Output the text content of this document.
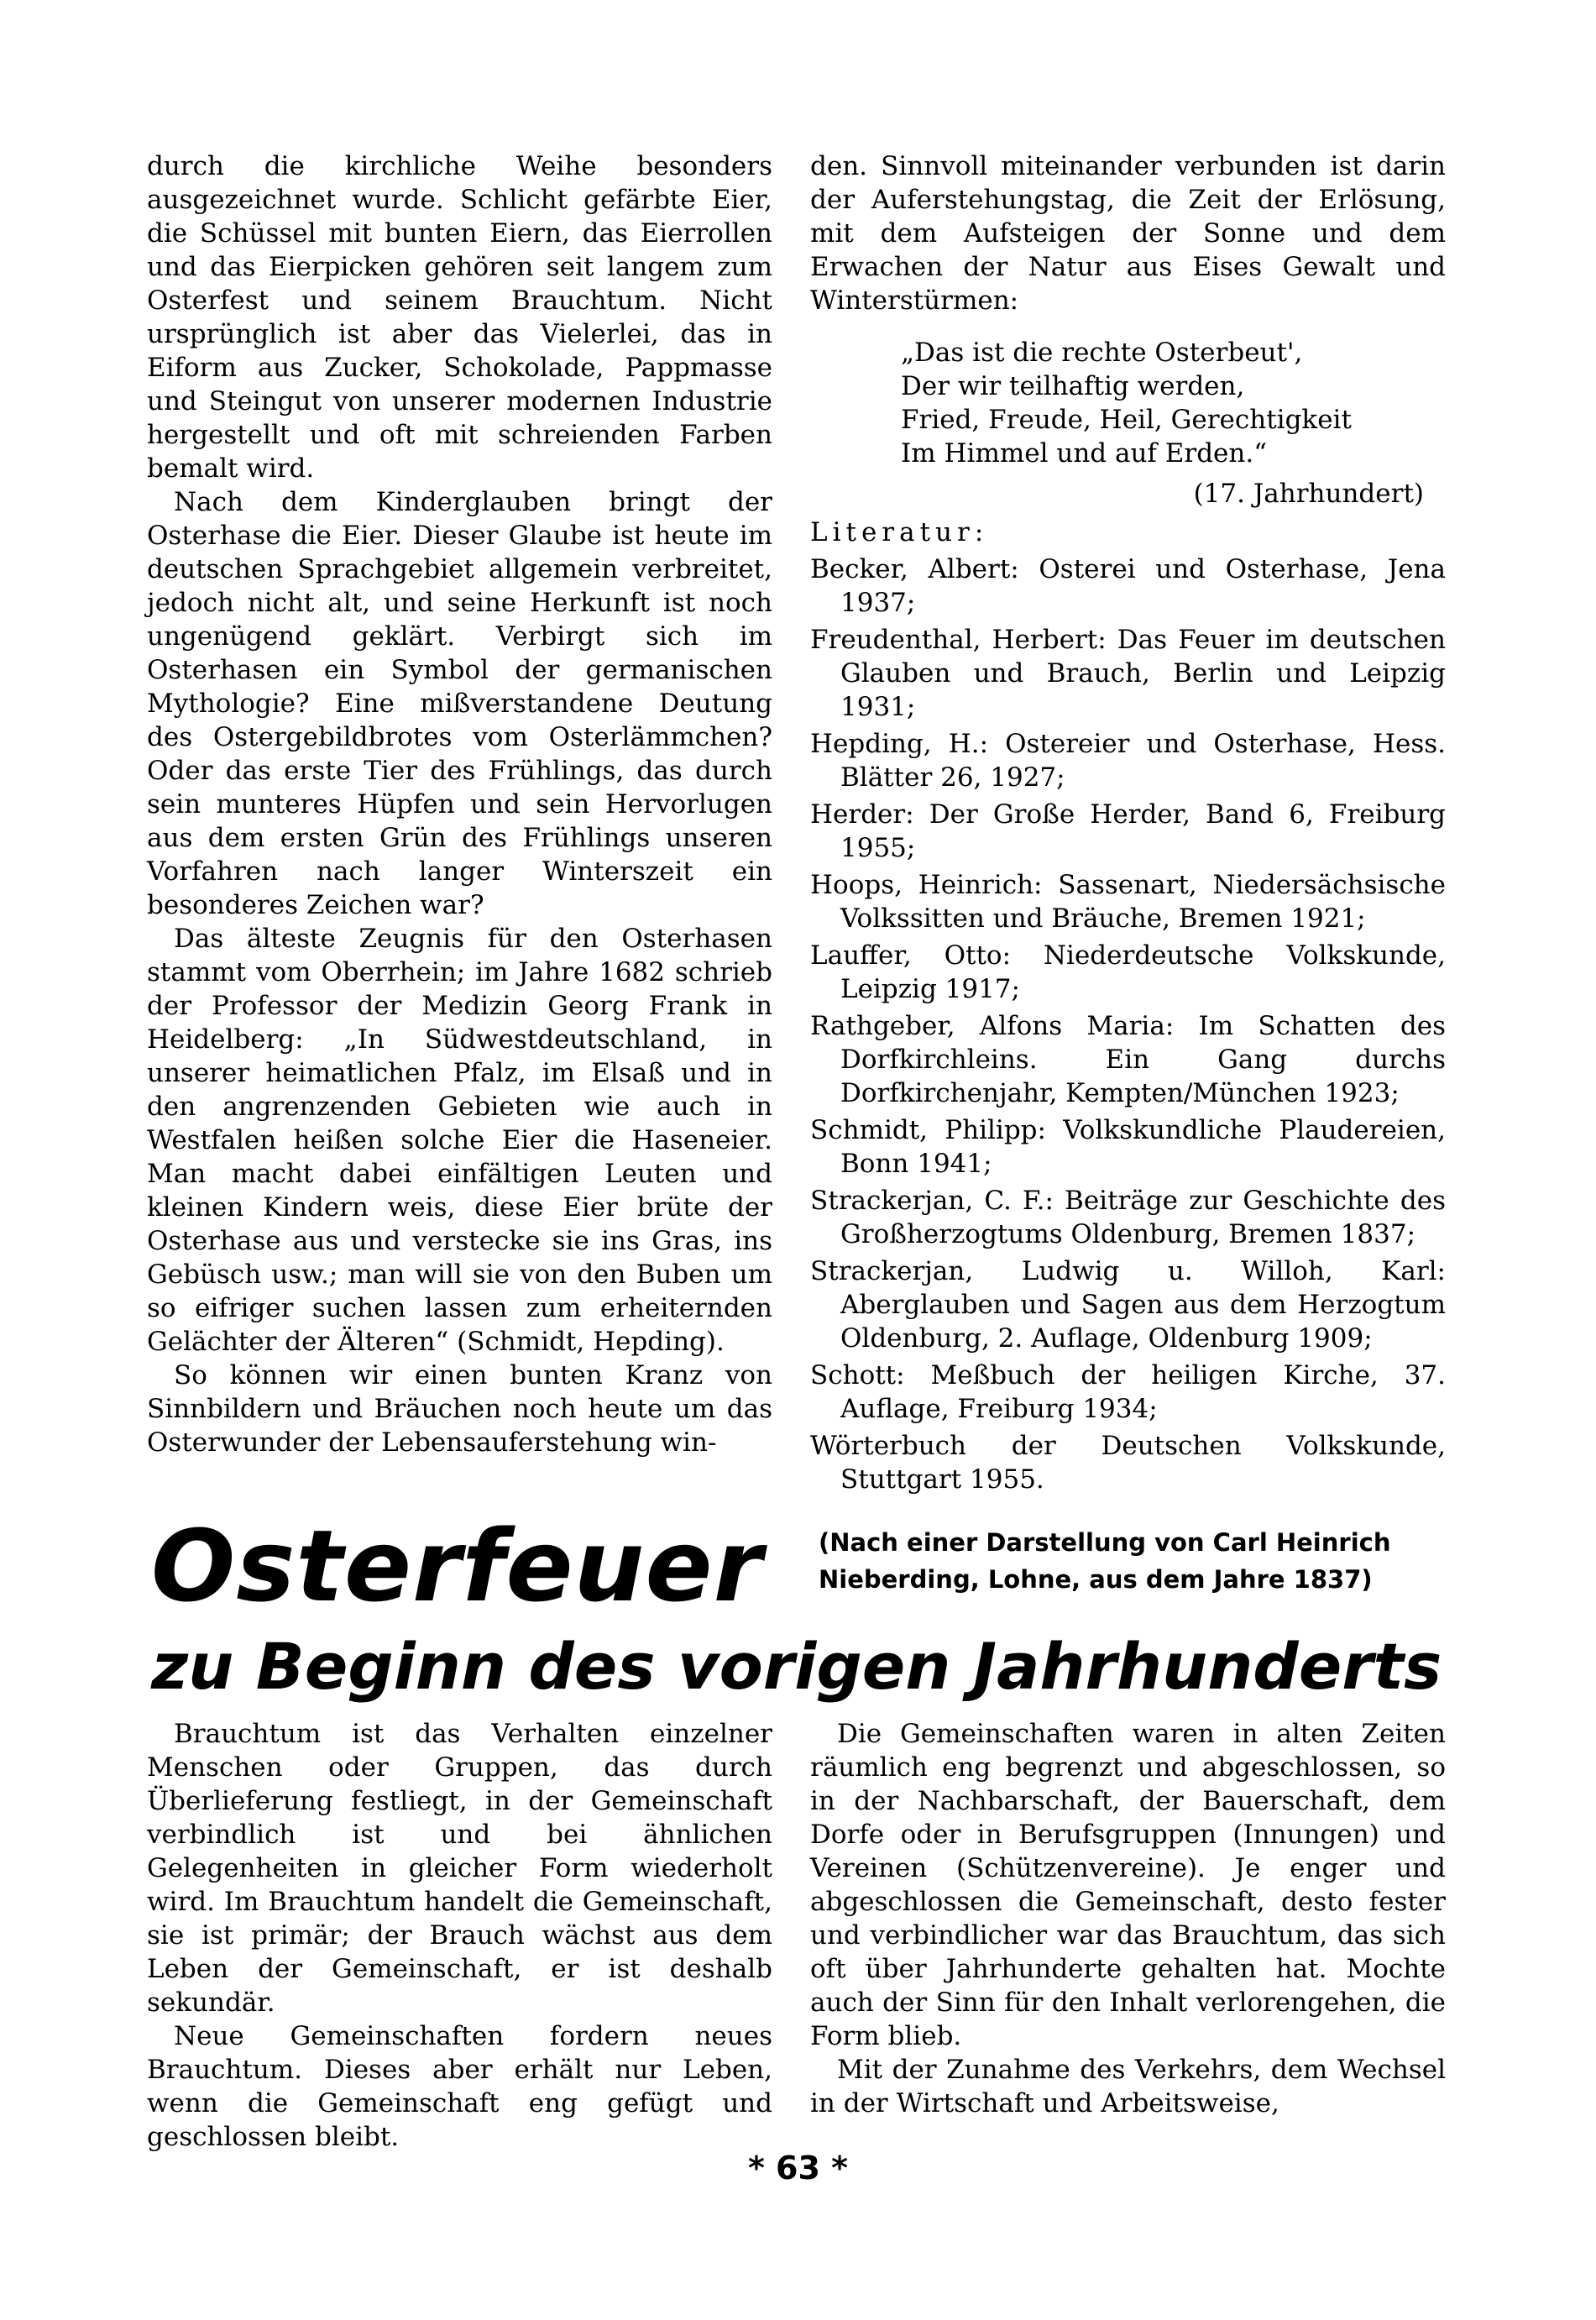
durch die kirchliche Weihe besonders ausgezeichnet wurde. Schlicht gefärbte Eier, die Schüssel mit bunten Eiern, das Eierrollen und das Eierpicken gehören seit langem zum Osterfest und seinem Brauchtum. Nicht ursprünglich ist aber das Vielerlei, das in Eiform aus Zucker, Schokolade, Pappmasse und Steingut von unserer modernen Industrie hergestellt und oft mit schreienden Farben bemalt wird.

Nach dem Kinderglauben bringt der Osterhase die Eier. Dieser Glaube ist heute im deutschen Sprachgebiet allgemein verbreitet, jedoch nicht alt, und seine Herkunft ist noch ungenügend geklärt. Verbirgt sich im Osterhasen ein Symbol der germanischen Mythologie? Eine mißverstandene Deutung des Ostergebildbrotes vom Osterlämmchen? Oder das erste Tier des Frühlings, das durch sein munteres Hüpfen und sein Hervorlugen aus dem ersten Grün des Frühlings unseren Vorfahren nach langer Winterszeit ein besonderes Zeichen war?

Das älteste Zeugnis für den Osterhasen stammt vom Oberrhein; im Jahre 1682 schrieb der Professor der Medizin Georg Frank in Heidelberg: „In Südwestdeutschland, in unserer heimatlichen Pfalz, im Elsaß und in den angrenzenden Gebieten wie auch in Westfalen heißen solche Eier die Haseneier. Man macht dabei einfältigen Leuten und kleinen Kindern weis, diese Eier brüte der Osterhase aus und verstecke sie ins Gras, ins Gebüsch usw.; man will sie von den Buben um so eifriger suchen lassen zum erheiternden Gelächter der Älteren“ (Schmidt, Hepding).

So können wir einen bunten Kranz von Sinnbildern und Bräuchen noch heute um das Osterwunder der Lebensauferstehung win-

den. Sinnvoll miteinander verbunden ist darin der Auferstehungstag, die Zeit der Erlösung, mit dem Aufsteigen der Sonne und dem Erwachen der Natur aus Eises Gewalt und Winterstürmen:

„Das ist die rechte Osterbeut',
Der wir teilhaftig werden,
Fried, Freude, Heil, Gerechtigkeit
Im Himmel und auf Erden.“
(17. Jahrhundert)
Literatur:
Becker, Albert: Osterei und Osterhase, Jena 1937;
Freudenthal, Herbert: Das Feuer im deutschen Glauben und Brauch, Berlin und Leipzig 1931;
Hepding, H.: Ostereier und Osterhase, Hess. Blätter 26, 1927;
Herder: Der Große Herder, Band 6, Freiburg 1955;
Hoops, Heinrich: Sassenart, Niedersächsische Volkssitten und Bräuche, Bremen 1921;
Lauffer, Otto: Niederdeutsche Volkskunde, Leipzig 1917;
Rathgeber, Alfons Maria: Im Schatten des Dorfkirchleins. Ein Gang durchs Dorfkirchenjahr, Kempten/München 1923;
Schmidt, Philipp: Volkskundliche Plaudereien, Bonn 1941;
Strackerjan, C. F.: Beiträge zur Geschichte des Großherzogtums Oldenburg, Bremen 1837;
Strackerjan, Ludwig u. Willoh, Karl: Aberglauben und Sagen aus dem Herzogtum Oldenburg, 2. Auflage, Oldenburg 1909;
Schott: Meßbuch der heiligen Kirche, 37. Auflage, Freiburg 1934;
Wörterbuch der Deutschen Volkskunde, Stuttgart 1955.
Osterfeuer (Nach einer Darstellung von Carl Heinrich Nieberding, Lohne, aus dem Jahre 1837)
zu Beginn des vorigen Jahrhunderts

Brauchtum ist das Verhalten einzelner Menschen oder Gruppen, das durch Überlieferung festliegt, in der Gemeinschaft verbindlich ist und bei ähnlichen Gelegenheiten in gleicher Form wiederholt wird. Im Brauchtum handelt die Gemeinschaft, sie ist primär; der Brauch wächst aus dem Leben der Gemeinschaft, er ist deshalb sekundär.

Neue Gemeinschaften fordern neues Brauchtum. Dieses aber erhält nur Leben, wenn die Gemeinschaft eng gefügt und geschlossen bleibt.

Die Gemeinschaften waren in alten Zeiten räumlich eng begrenzt und abgeschlossen, so in der Nachbarschaft, der Bauerschaft, dem Dorfe oder in Berufsgruppen (Innungen) und Vereinen (Schützenvereine). Je enger und abgeschlossen die Gemeinschaft, desto fester und verbindlicher war das Brauchtum, das sich oft über Jahrhunderte gehalten hat. Mochte auch der Sinn für den Inhalt verlorengehen, die Form blieb.

Mit der Zunahme des Verkehrs, dem Wechsel in der Wirtschaft und Arbeitsweise,

* 63 *
